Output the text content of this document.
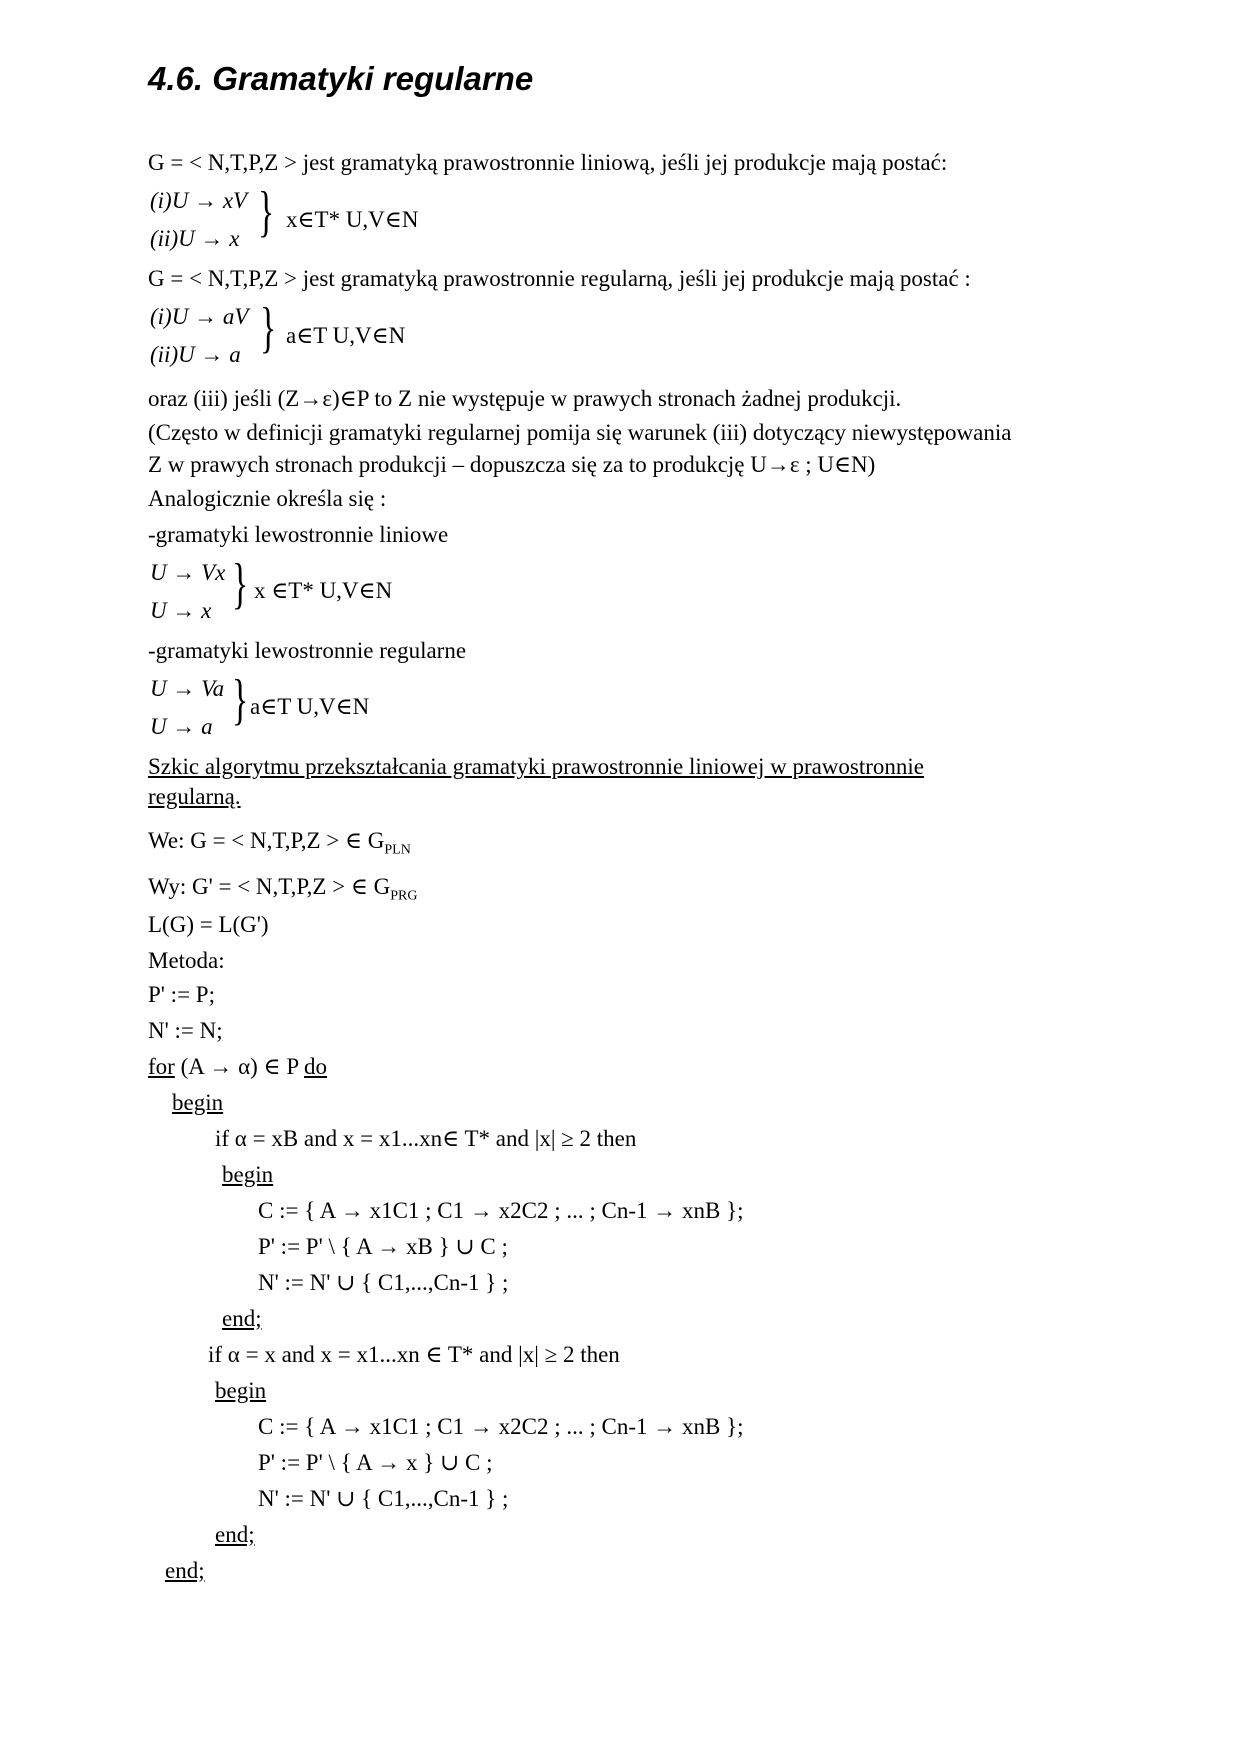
4.6. Gramatyki regularne
G = < N,T,P,Z > jest gramatyką prawostronnie liniową, jeśli jej produkcje mają postać:
(i)U → xV
(ii)U → x } x∈T* U,V∈N
G = < N,T,P,Z > jest gramatyką prawostronnie regularną, jeśli jej produkcje mają postać :
(i)U → aV
(ii)U → a } a∈T U,V∈N
oraz (iii) jeśli (Z→ε)∈P to Z nie występuje w prawych stronach żadnej produkcji.
(Często w definicji gramatyki regularnej pomija się warunek (iii) dotyczący niewystępowania
Z w prawych stronach produkcji – dopuszcza się za to produkcję U→ε ; U∈N)
Analogicznie określa się :
-gramatyki lewostronnie liniowe
U → Vx
U → x } x ∈T* U,V∈N
-gramatyki lewostronnie regularne
U → Va
U → a } a∈T U,V∈N
Szkic algorytmu przekształcania gramatyki prawostronnie liniowej w prawostronnie
regularną.
We: G = < N,T,P,Z > ∈ $G_{PLN}$
Wy: G' = < N,T,P,Z > ∈ $G_{PRG}$
L(G) = L(G')
Metoda:
P' := P;
N' := N;
for (A → α) ∈ P do
begin
if α = xB and x = x1...xn∈ T* and |x| ≥ 2 then
begin
C := { A → x1C1 ; C1 → x2C2 ; ... ; Cn-1 → xnB };
P' := P' \ { A → xB } ∪ C ;
N' := N' ∪ { C1,...,Cn-1 } ;
end;
if α = x and x = x1...xn ∈ T* and |x| ≥ 2 then
begin
C := { A → x1C1 ; C1 → x2C2 ; ... ; Cn-1 → xnB };
P' := P' \ { A → x } ∪ C ;
N' := N' ∪ { C1,...,Cn-1 } ;
end;
end;
